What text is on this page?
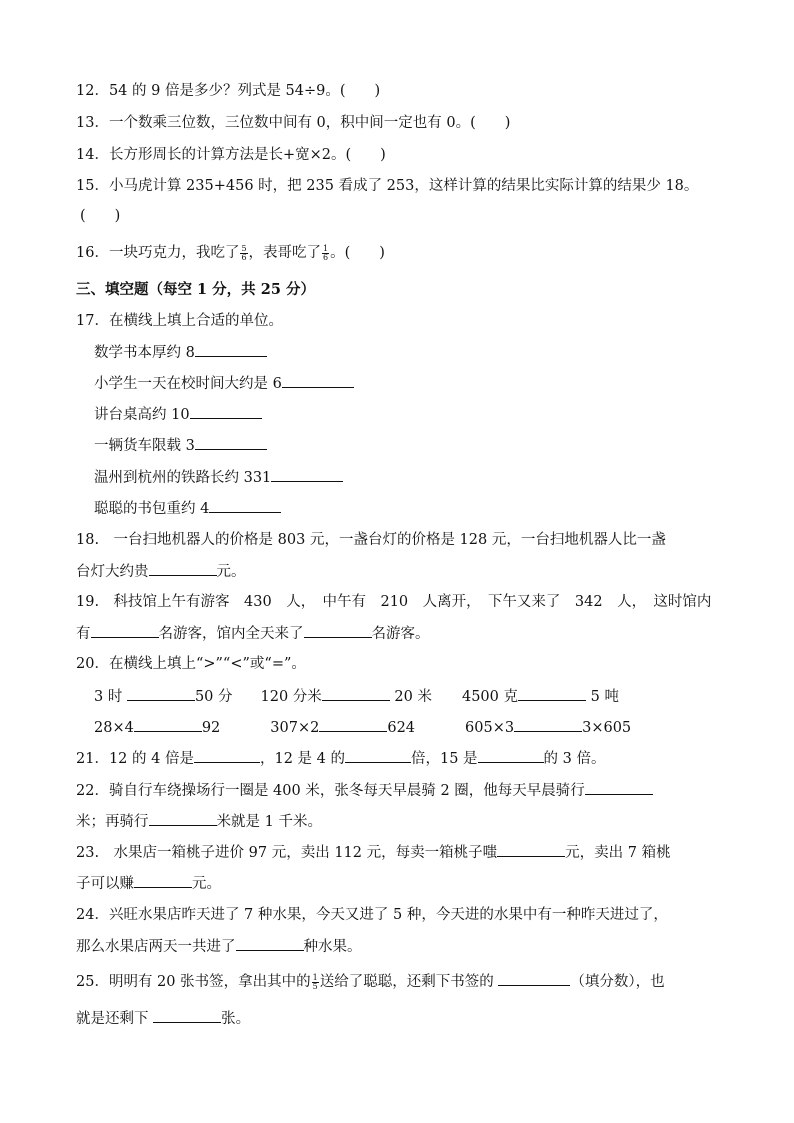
12．54 的 9 倍是多少？列式是 54÷9。(　　)
13．一个数乘三位数，三位数中间有 0，积中间一定也有 0。(　　)
14．长方形周长的计算方法是长+宽×2。(　　)
15．小马虎计算 235+456 时，把 235 看成了 253，这样计算的结果比实际计算的结果少 18。
(　　)
16．一块巧克力，我吃了 $\frac{5}{6}$ ，表哥吃了 $\frac{1}{6}$ 。(　　)
三、填空题（每空 1 分，共 25 分）
17．在横线上填上合适的单位。
数学书本厚约 8
小学生一天在校时间大约是 6
讲台桌高约 10
一辆货车限载 3
温州到杭州的铁路长约 331
聪聪的书包重约 4
18.　一台扫地机器人的价格是 803 元，一盏台灯的价格是 128 元，一台扫地机器人比一盏
台灯大约贵	元。
19.　科技馆上午有游客　430　人，　中午有　210　人离开，　下午又来了　342　人，　这时馆内
有	名游客，馆内全天来了	名游客。
20．在横线上填上“>”“<”或“=”。
3 时	50 分 120 分米	20 米 4500 克	5 吨
28×4	92	307×2	624	605×3	3×605
21．12 的 4 倍是	，12 是 4 的	倍，15 是	的 3 倍。
22．骑自行车绕操场行一圈是 400 米，张冬每天早晨骑 2 圈，他每天早晨骑行
米；再骑行	米就是 1 千米。
23.　水果店一箱桃子进价 97 元，卖出 112 元，每卖一箱桃子嗤	元，卖出 7 箱桃
子可以赚	元。
24．兴旺水果店昨天进了 7 种水果，今天又进了 5 种，今天进的水果中有一种昨天进过了，
那么水果店两天一共进了	种水果。
25．明明有 20 张书签，拿出其中的 $\frac{1}{5}$ 送给了聪聪，还剩下书签的	（填分数），也
就是还剩下	张。
